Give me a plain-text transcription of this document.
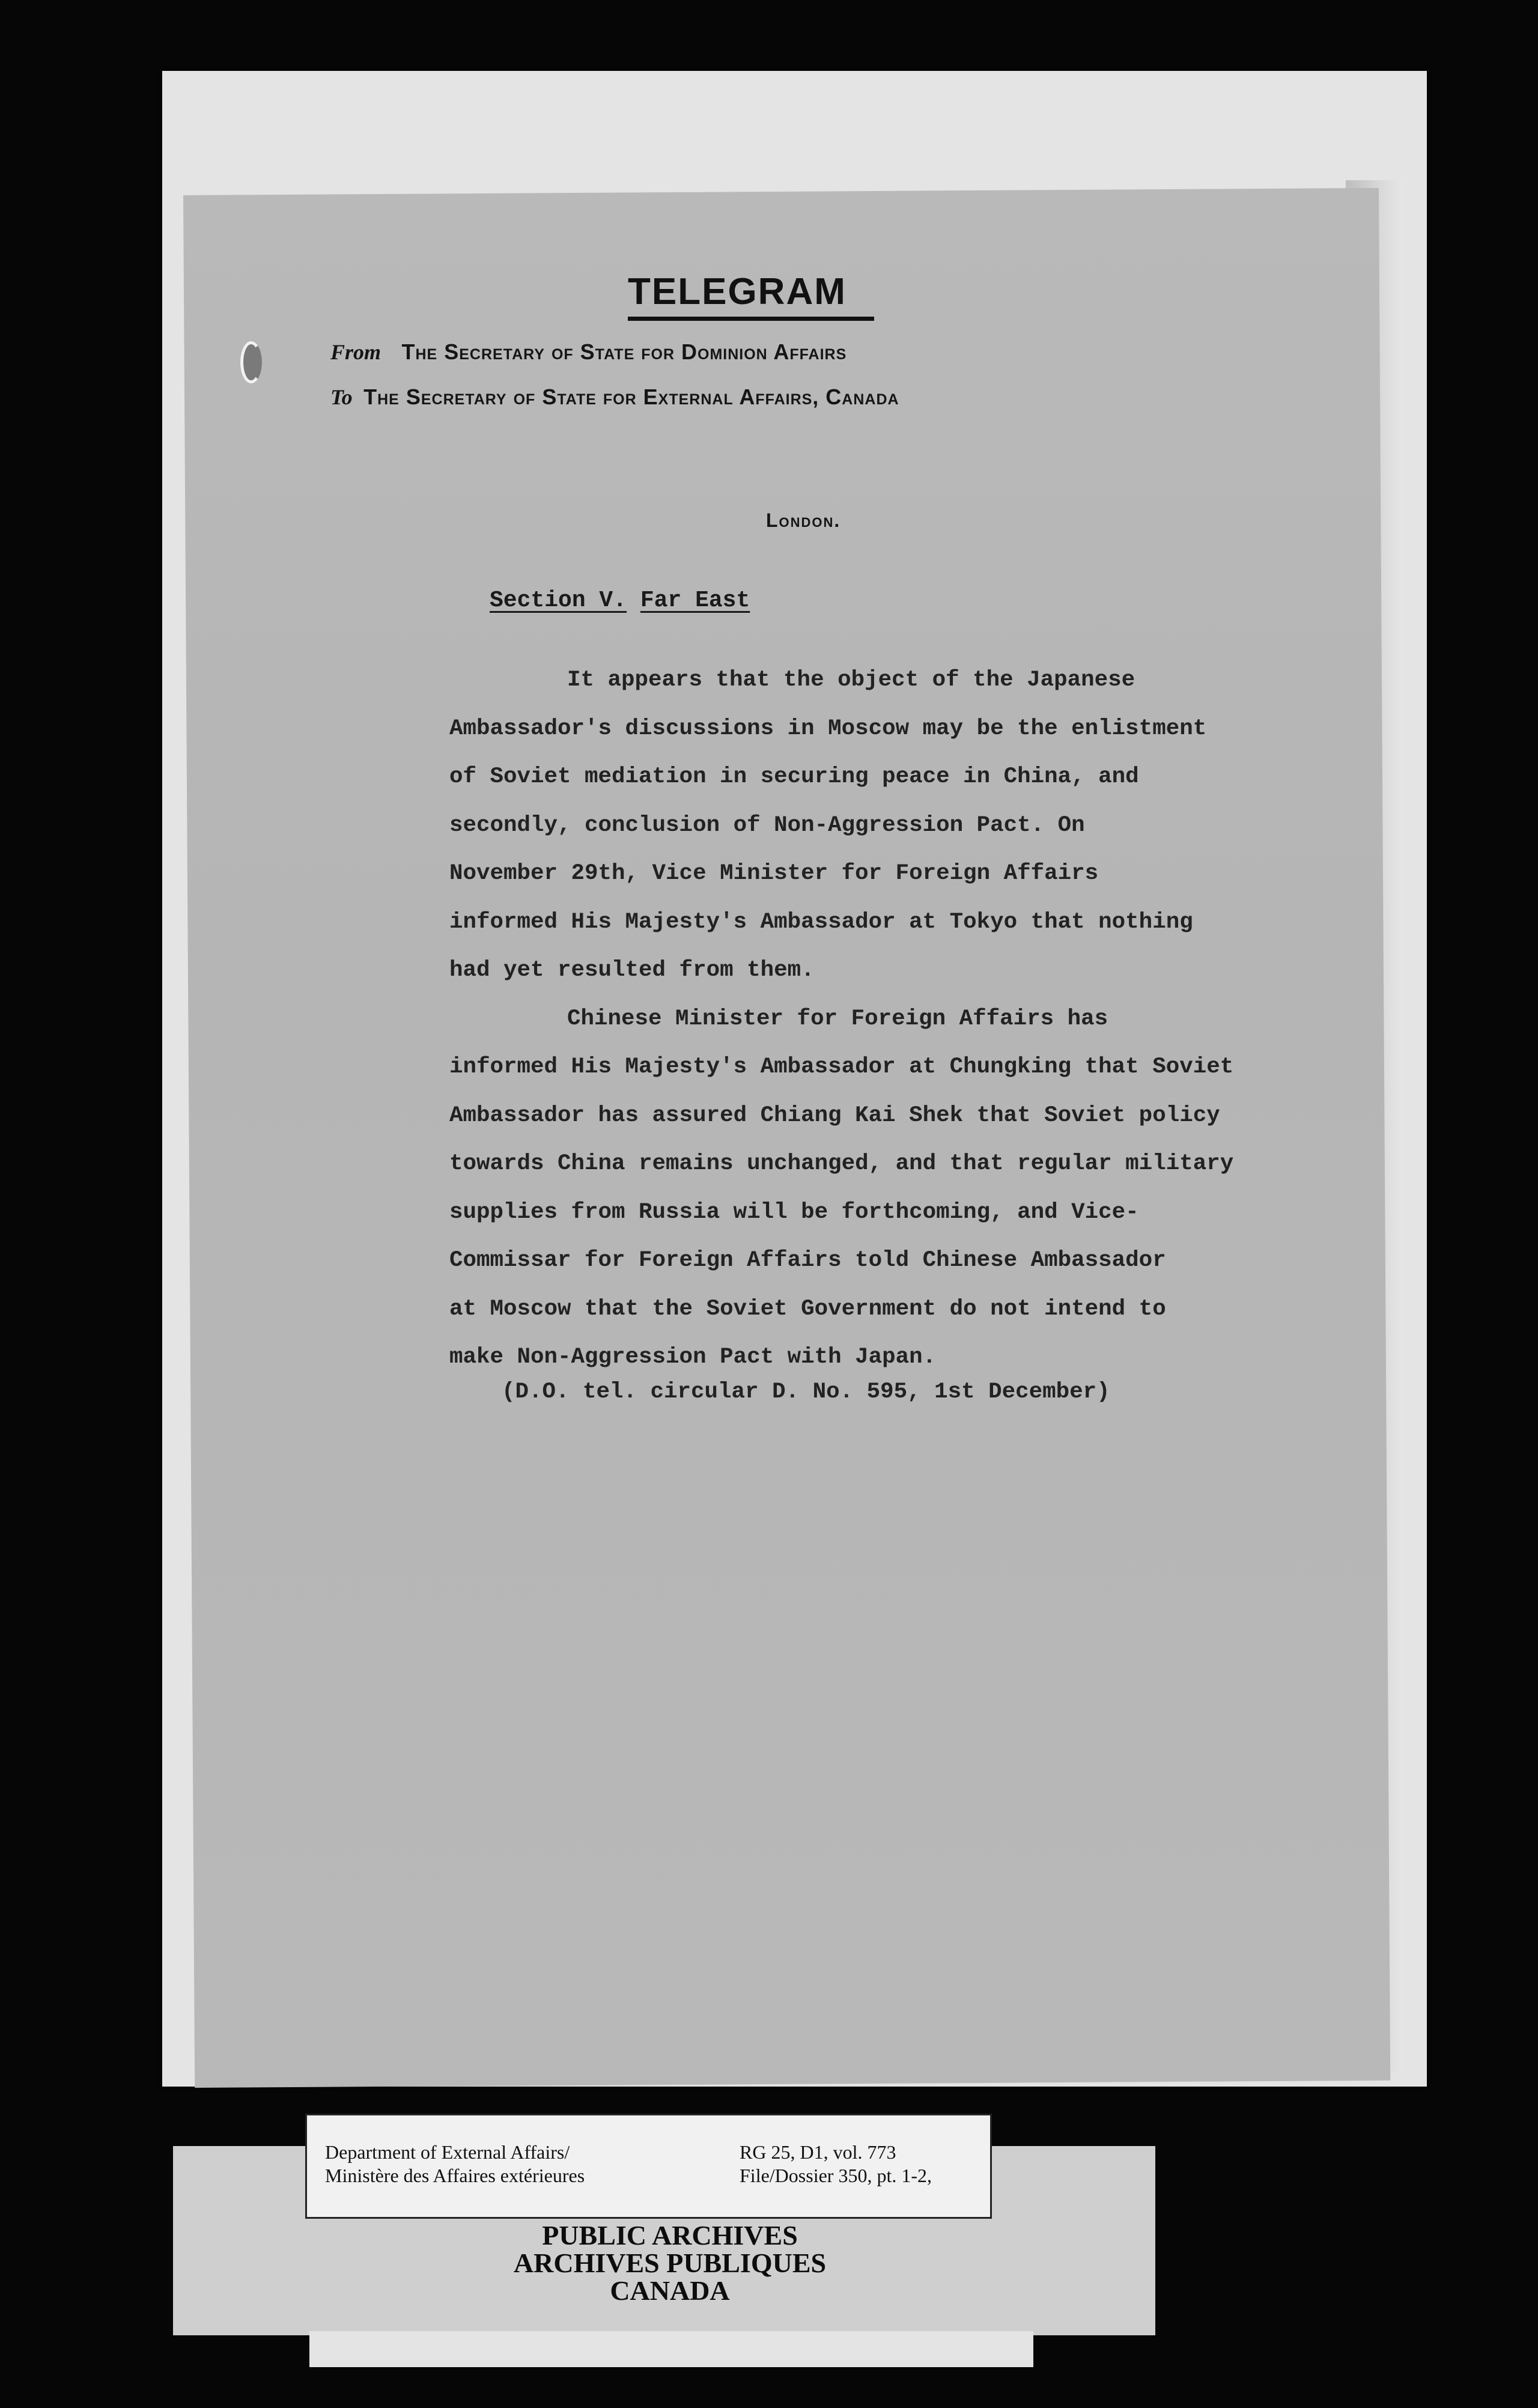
TELEGRAM
From The Secretary of State for Dominion Affairs
To The Secretary of State for External Affairs, Canada
London.
Section V. Far East

It appears that the object of the Japanese
Ambassador's discussions in Moscow may be the enlistment
of Soviet mediation in securing peace in China, and
secondly, conclusion of Non-Aggression Pact. On
November 29th, Vice Minister for Foreign Affairs
informed His Majesty's Ambassador at Tokyo that nothing
had yet resulted from them.

Chinese Minister for Foreign Affairs has
informed His Majesty's Ambassador at Chungking that Soviet
Ambassador has assured Chiang Kai Shek that Soviet policy
towards China remains unchanged, and that regular military
supplies from Russia will be forthcoming, and Vice-
Commissar for Foreign Affairs told Chinese Ambassador
at Moscow that the Soviet Government do not intend to
make Non-Aggression Pact with Japan.

(D.O. tel. circular D. No. 595, 1st December)
Department of External Affairs/
Ministère des Affaires extérieures
RG 25, D1, vol. 773
File/Dossier 350, pt. 1-2,
PUBLIC ARCHIVES
ARCHIVES PUBLIQUES
CANADA
